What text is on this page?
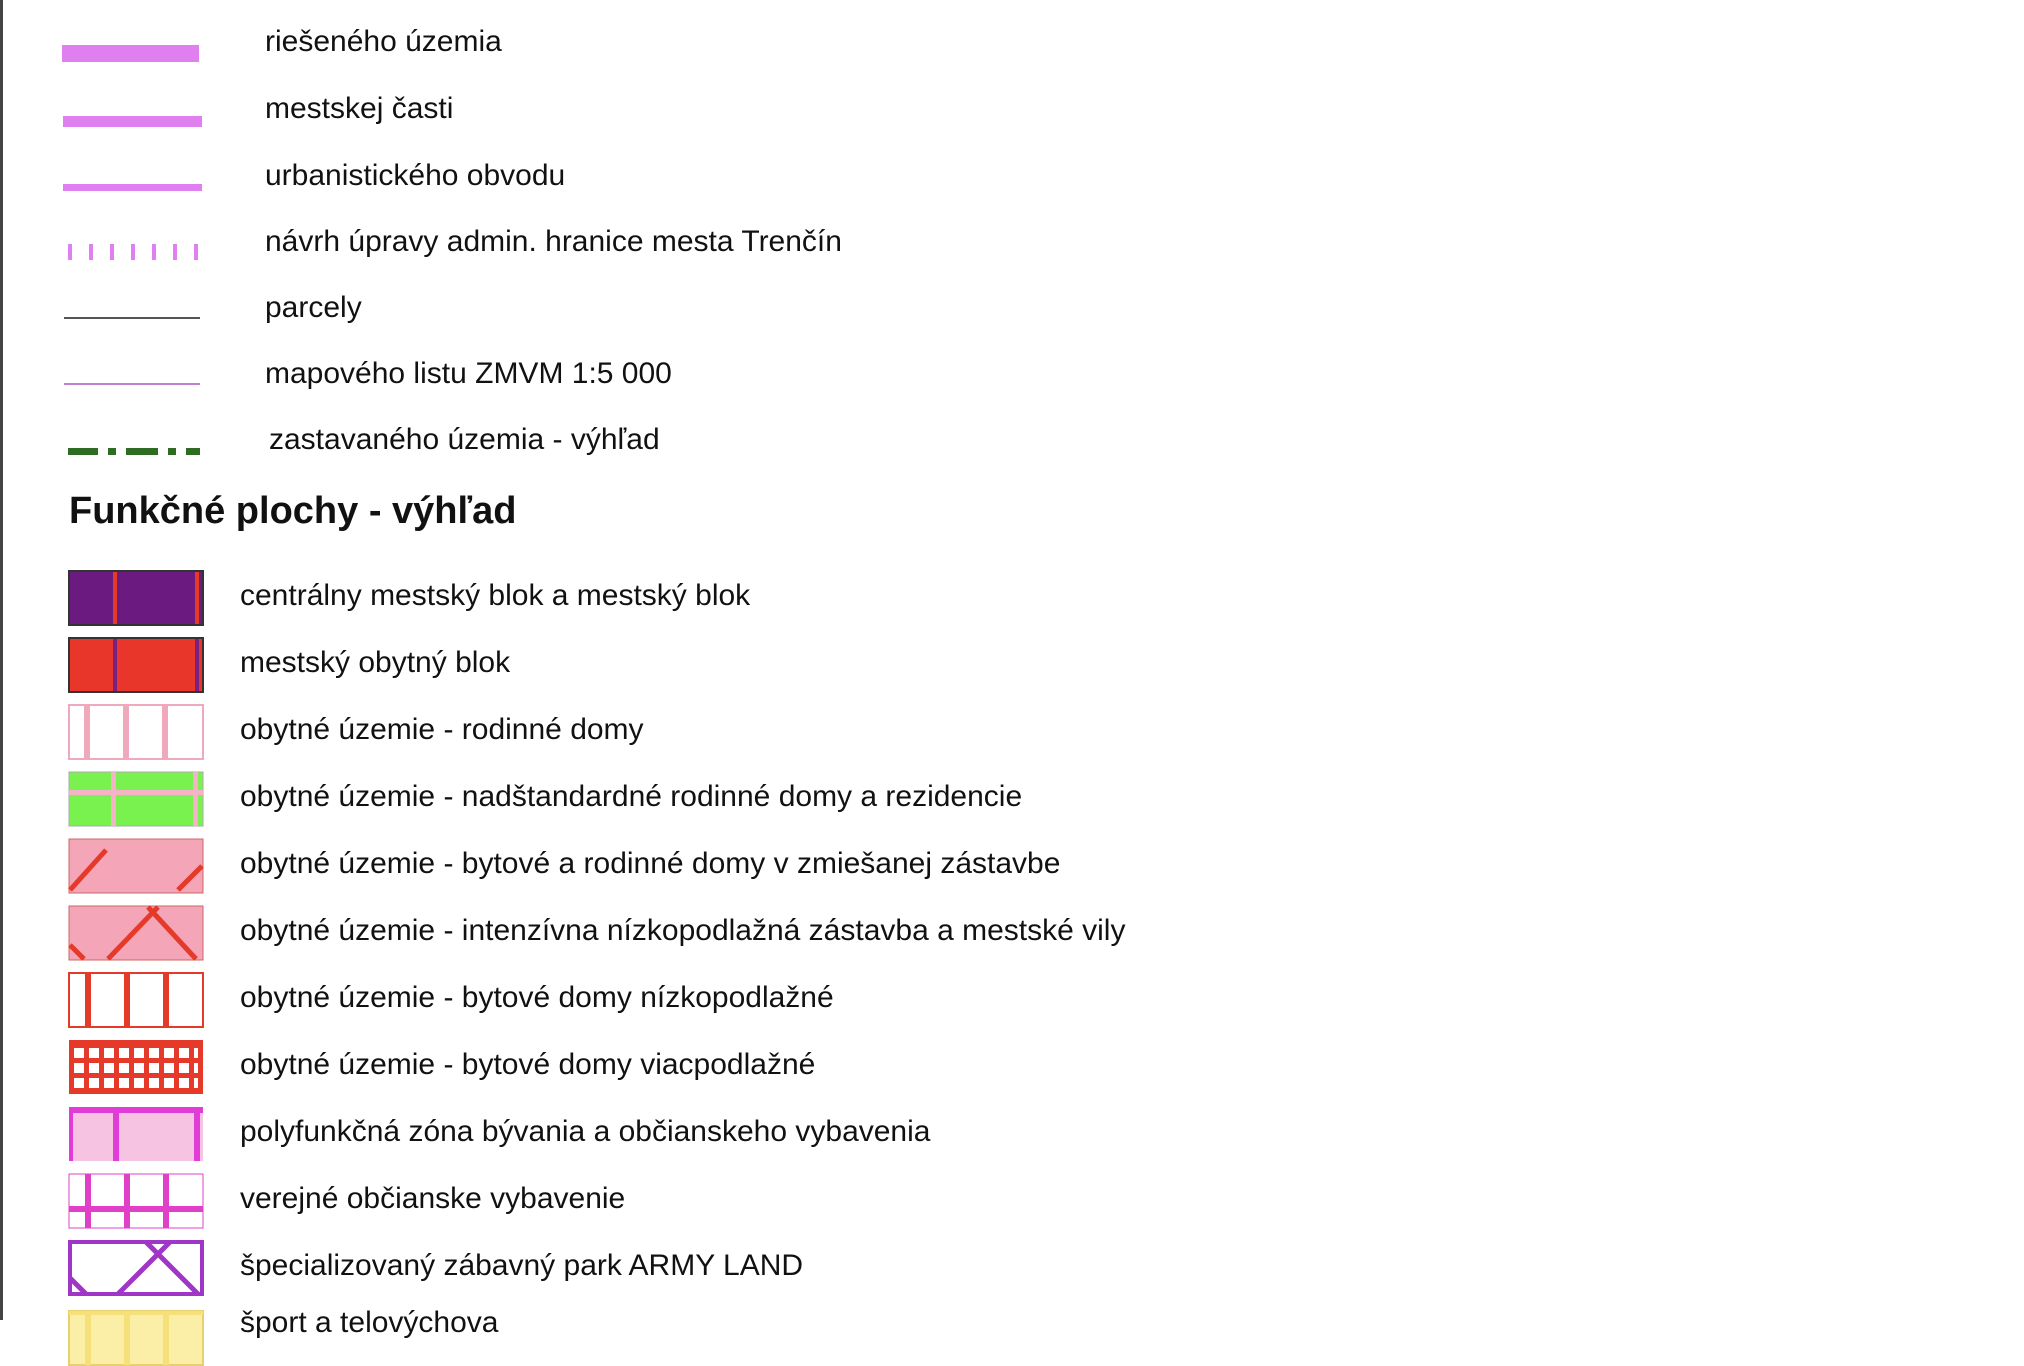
riešeného územia
mestskej časti
urbanistického obvodu
návrh úpravy admin. hranice mesta Trenčín
parcely
mapového listu ZMVM 1:5 000
zastavaného územia - výhľad
Funkčné plochy - výhľad
centrálny mestský blok a mestský blok
mestský obytný blok
obytné územie - rodinné domy
obytné územie - nadštandardné rodinné domy a rezidencie
obytné územie - bytové a rodinné domy v zmiešanej zástavbe
obytné územie - intenzívna nízkopodlažná zástavba a mestské vily
obytné územie - bytové domy nízkopodlažné
obytné územie - bytové domy viacpodlažné
polyfunkčná zóna bývania a občianskeho vybavenia
verejné občianske vybavenie
špecializovaný zábavný park ARMY LAND
šport a telovýchova
